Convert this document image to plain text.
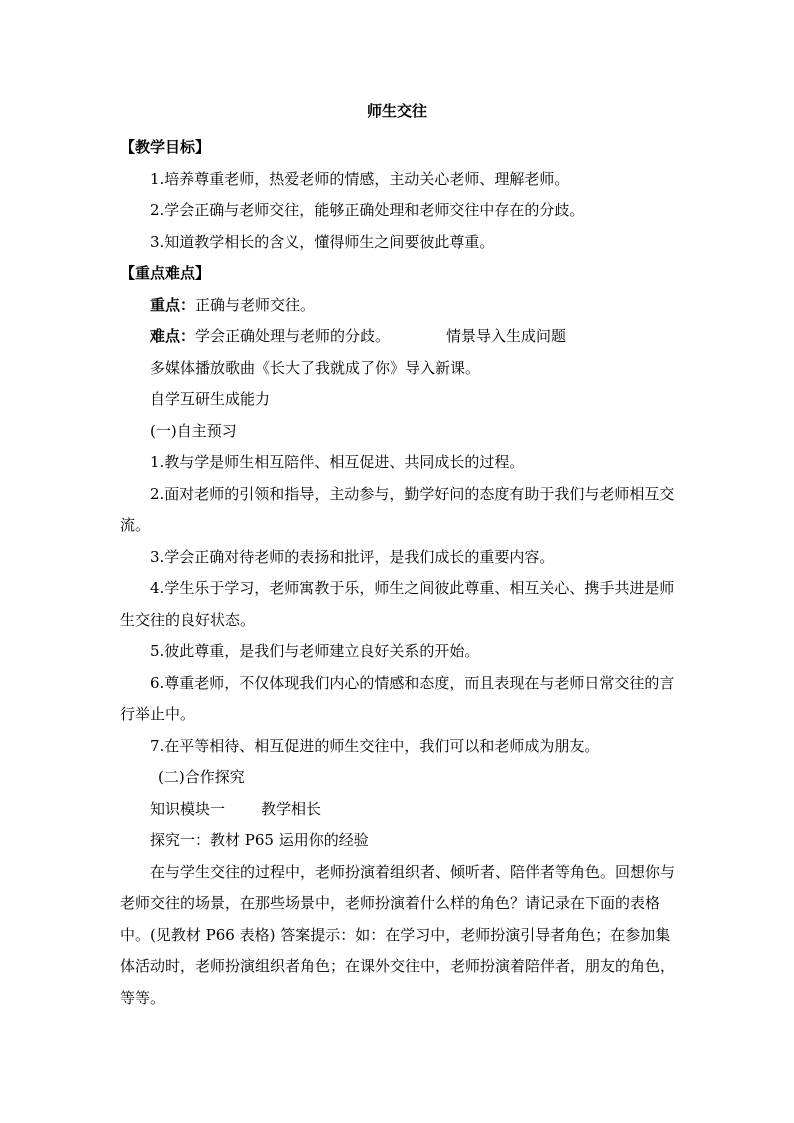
师生交往
【教学目标】
1.培养尊重老师，热爱老师的情感，主动关心老师、理解老师。
2.学会正确与老师交往，能够正确处理和老师交往中存在的分歧。
3.知道教学相长的含义，懂得师生之间要彼此尊重。
【重点难点】
重点：正确与老师交往。
难点：学会正确处理与老师的分歧。	情景导入生成问题
多媒体播放歌曲《长大了我就成了你》导入新课。
自学互研生成能力
(一)自主预习
1.教与学是师生相互陪伴、相互促进、共同成长的过程。
2.面对老师的引领和指导，主动参与，勤学好问的态度有助于我们与老师相互交流。
3.学会正确对待老师的表扬和批评，是我们成长的重要内容。
4.学生乐于学习，老师寓教于乐，师生之间彼此尊重、相互关心、携手共进是师生交往的良好状态。
5.彼此尊重，是我们与老师建立良好关系的开始。
6.尊重老师，不仅体现我们内心的情感和态度，而且表现在与老师日常交往的言行举止中。
7.在平等相待、相互促进的师生交往中，我们可以和老师成为朋友。
(二)合作探究
知识模块一 教学相长
探究一：教材 P65 运用你的经验
在与学生交往的过程中，老师扮演着组织者、倾听者、陪伴者等角色。回想你与老师交往的场景，在那些场景中，老师扮演着什么样的角色？请记录在下面的表格中。(见教材 P66 表格) 答案提示：如：在学习中，老师扮演引导者角色；在参加集体活动时，老师扮演组织者角色；在课外交往中，老师扮演着陪伴者，朋友的角色，等等。
